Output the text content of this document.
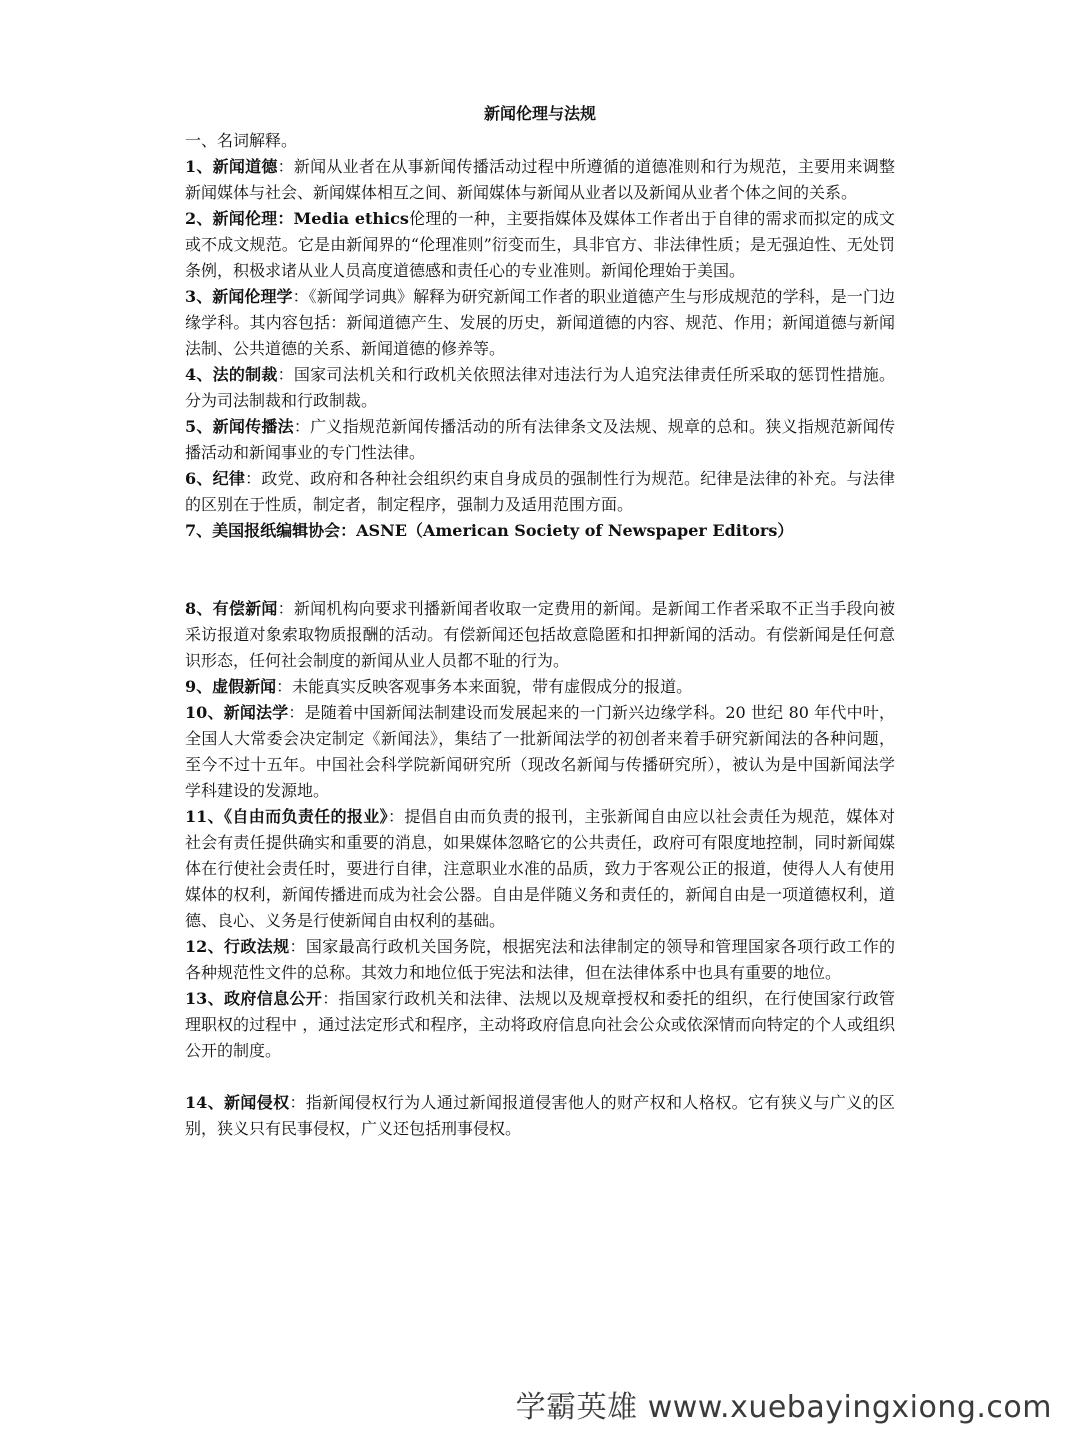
新闻伦理与法规

一、名词解释。

1、新闻道德：新闻从业者在从事新闻传播活动过程中所遵循的道德准则和行为规范，主要用来调整新闻媒体与社会、新闻媒体相互之间、新闻媒体与新闻从业者以及新闻从业者个体之间的关系。

2、新闻伦理：Media ethics伦理的一种，主要指媒体及媒体工作者出于自律的需求而拟定的成文或不成文规范。它是由新闻界的“伦理准则”衍变而生，具非官方、非法律性质；是无强迫性、无处罚条例，积极求诸从业人员高度道德感和责任心的专业准则。新闻伦理始于美国。

3、新闻伦理学：《新闻学词典》解释为研究新闻工作者的职业道德产生与形成规范的学科，是一门边缘学科。其内容包括：新闻道德产生、发展的历史，新闻道德的内容、规范、作用；新闻道德与新闻法制、公共道德的关系、新闻道德的修养等。

4、法的制裁：国家司法机关和行政机关依照法律对违法行为人追究法律责任所采取的惩罚性措施。分为司法制裁和行政制裁。

5、新闻传播法：广义指规范新闻传播活动的所有法律条文及法规、规章的总和。狭义指规范新闻传播活动和新闻事业的专门性法律。

6、纪律：政党、政府和各种社会组织约束自身成员的强制性行为规范。纪律是法律的补充。与法律的区别在于性质，制定者，制定程序，强制力及适用范围方面。

7、美国报纸编辑协会：ASNE（American Society of Newspaper Editors）

8、有偿新闻：新闻机构向要求刊播新闻者收取一定费用的新闻。是新闻工作者采取不正当手段向被采访报道对象索取物质报酬的活动。有偿新闻还包括故意隐匿和扣押新闻的活动。有偿新闻是任何意识形态，任何社会制度的新闻从业人员都不耻的行为。

9、虚假新闻：未能真实反映客观事务本来面貌，带有虚假成分的报道。

10、新闻法学：是随着中国新闻法制建设而发展起来的一门新兴边缘学科。20 世纪 80 年代中叶，全国人大常委会决定制定《新闻法》，集结了一批新闻法学的初创者来着手研究新闻法的各种问题，至今不过十五年。中国社会科学院新闻研究所（现改名新闻与传播研究所），被认为是中国新闻法学学科建设的发源地。

11、《自由而负责任的报业》：提倡自由而负责的报刊，主张新闻自由应以社会责任为规范，媒体对社会有责任提供确实和重要的消息，如果媒体忽略它的公共责任，政府可有限度地控制，同时新闻媒体在行使社会责任时，要进行自律，注意职业水准的品质，致力于客观公正的报道，使得人人有使用媒体的权利，新闻传播进而成为社会公器。自由是伴随义务和责任的，新闻自由是一项道德权利，道德、良心、义务是行使新闻自由权利的基础。

12、行政法规：国家最高行政机关国务院，根据宪法和法律制定的领导和管理国家各项行政工作的各种规范性文件的总称。其效力和地位低于宪法和法律，但在法律体系中也具有重要的地位。

13、政府信息公开：指国家行政机关和法律、法规以及规章授权和委托的组织，在行使国家行政管理职权的过程中 ，通过法定形式和程序，主动将政府信息向社会公众或依深情而向特定的个人或组织公开的制度。

14、新闻侵权：指新闻侵权行为人通过新闻报道侵害他人的财产权和人格权。它有狭义与广义的区别，狭义只有民事侵权，广义还包括刑事侵权。

学霸英雄 www.xuebayingxiong.com
